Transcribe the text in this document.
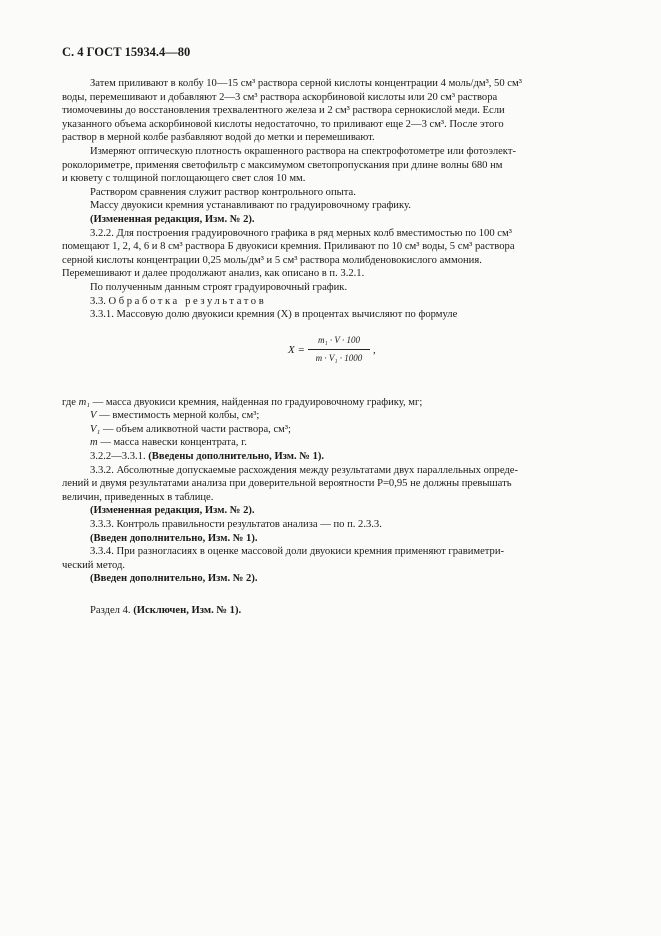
С. 4 ГОСТ 15934.4—80

Затем приливают в колбу 10—15 см³ раствора серной кислоты концентрации 4 моль/дм³, 50 см³

воды, перемешивают и добавляют 2—3 см³ раствора аскорбиновой кислоты или 20 см³ раствора

тиомочевины до восстановления трехвалентного железа и 2 см³ раствора сернокислой меди. Если

указанного объема аскорбиновой кислоты недостаточно, то приливают еще 2—3 см³. После этого

раствор в мерной колбе разбавляют водой до метки и перемешивают.

Измеряют оптическую плотность окрашенного раствора на спектрофотометре или фотоэлект-

роколориметре, применяя светофильтр с максимумом светопропускания при длине волны 680 нм

и кювету с толщиной поглощающего свет слоя 10 мм.

Раствором сравнения служит раствор контрольного опыта.

Массу двуокиси кремния устанавливают по градуировочному графику.

(Измененная редакция, Изм. № 2).

3.2.2. Для построения градуировочного графика в ряд мерных колб вместимостью по 100 см³

помещают 1, 2, 4, 6 и 8 см³ раствора Б двуокиси кремния. Приливают по 10 см³ воды, 5 см³ раствора

серной кислоты концентрации 0,25 моль/дм³ и 5 см³ раствора молибденовокислого аммония.

Перемешивают и далее продолжают анализ, как описано в п. 3.2.1.

По полученным данным строят градуировочный график.

3.3. Обработка результатов

3.3.1. Массовую долю двуокиси кремния (X) в процентах вычисляют по формуле

$X = \frac{\text{m₁ · V · 100}}{\text{m · V₁ · 1000}}$ ,
где
m₁
— масса двуокиси кремния, найденная по градуировочному графику, мг;
V
— вместимость мерной колбы, см³;
V₁
— объем аликвотной части раствора, см³;
m
— масса навески концентрата, г.

3.2.2—3.3.1. (Введены дополнительно, Изм. № 1).

3.3.2. Абсолютные допускаемые расхождения между результатами двух параллельных опреде-

лений и двумя результатами анализа при доверительной вероятности P=0,95 не должны превышать

величин, приведенных в таблице.

(Измененная редакция, Изм. № 2).

3.3.3. Контроль правильности результатов анализа — по п. 2.3.3.

(Введен дополнительно, Изм. № 1).

3.3.4. При разногласиях в оценке массовой доли двуокиси кремния применяют гравиметри-

ческий метод.

(Введен дополнительно, Изм. № 2).

Раздел 4. (Исключен, Изм. № 1).
